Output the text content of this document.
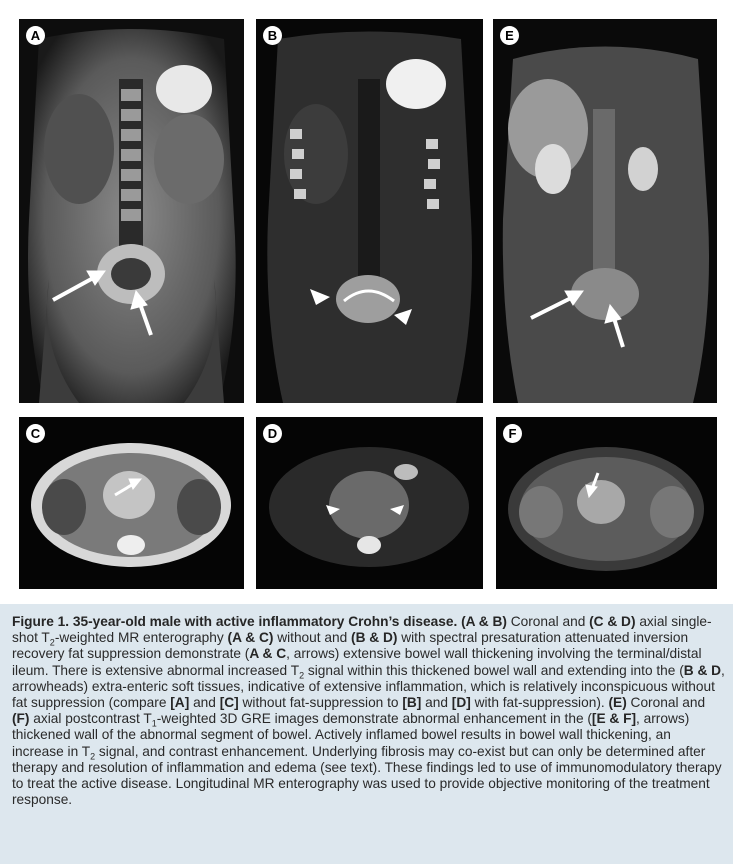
A	B	E
C	D	F

Figure 1. 35-year-old male with active inflammatory Crohn’s disease. (A & B) Coronal and (C & D) axial single-shot $T_2$-weighted MR enterography (A & C) without and (B & D) with spectral presaturation attenuated inversion recovery fat suppression demonstrate (A & C, arrows) extensive bowel wall thickening involving the terminal/distal ileum. There is extensive abnormal increased $T_2$ signal within this thickened bowel wall and extending into the (B & D, arrowheads) extra-enteric soft tissues, indicative of extensive inflammation, which is relatively inconspicuous without fat suppression (compare [A] and [C] without fat-suppression to [B] and [D] with fat-suppression). (E) Coronal and (F) axial postcontrast $T_1$-weighted 3D GRE images demonstrate abnormal enhancement in the ([E & F], arrows) thickened wall of the abnormal segment of bowel. Actively inflamed bowel results in bowel wall thickening, an increase in $T_2$ signal, and contrast enhancement. Underlying fibrosis may co-exist but can only be determined after therapy and resolution of inflammation and edema (see text). These findings led to use of immunomodulatory therapy to treat the active disease. Longitudinal MR enterography was used to provide objective monitoring of the treatment response.
